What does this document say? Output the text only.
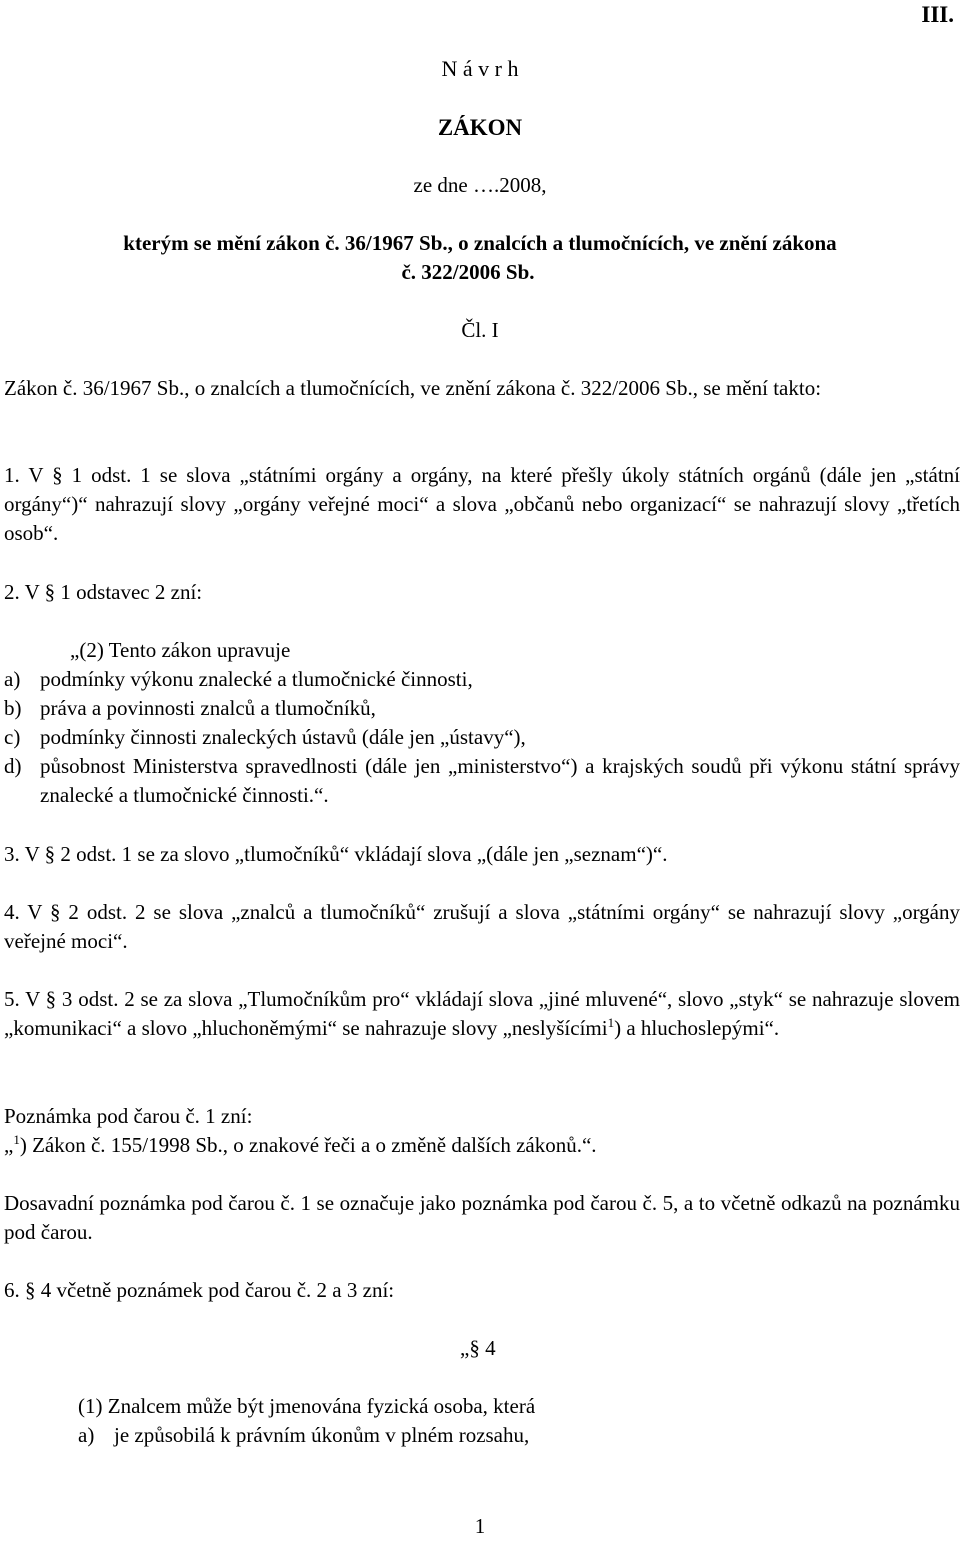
III.
N á v r h
ZÁKON
ze dne ….2008,
kterým se mění zákon č. 36/1967 Sb., o znalcích a tlumočnících, ve znění zákona
č. 322/2006 Sb.
Čl. I
Zákon č. 36/1967 Sb., o znalcích a tlumočnících, ve znění zákona č. 322/2006 Sb., se mění takto:
1. V § 1 odst. 1 se slova „státními orgány a orgány, na které přešly úkoly státních orgánů (dále jen „státní orgány“)“ nahrazují slovy „orgány veřejné moci“ a slova „občanů nebo organizací“ se nahrazují slovy „třetích osob“.
2. V § 1 odstavec 2 zní:
„(2) Tento zákon upravuje
a) podmínky výkonu znalecké a tlumočnické činnosti,
b) práva a povinnosti znalců a tlumočníků,
c) podmínky činnosti znaleckých ústavů (dále jen „ústavy“),
d) působnost Ministerstva spravedlnosti (dále jen „ministerstvo“) a krajských soudů při výkonu státní správy znalecké a tlumočnické činnosti.“.
3. V § 2 odst. 1 se za slovo „tlumočníků“ vkládají slova „(dále jen „seznam“)“.
4. V § 2 odst. 2 se slova „znalců a tlumočníků“ zrušují a slova „státními orgány“ se nahrazují slovy „orgány veřejné moci“.
5. V § 3 odst. 2 se za slova „Tlumočníkům pro“ vkládají slova „jiné mluvené“, slovo „styk“ se nahrazuje slovem „komunikaci“ a slovo „hluchoněmými“ se nahrazuje slovy „neslyšícími$^1$) a hluchoslepými“.
Poznámka pod čarou č. 1 zní:
„$^1$) Zákon č. 155/1998 Sb., o znakové řeči a o změně dalších zákonů.“.
Dosavadní poznámka pod čarou č. 1 se označuje jako poznámka pod čarou č. 5, a to včetně odkazů na poznámku pod čarou.
6. § 4 včetně poznámek pod čarou č. 2 a 3 zní:
„§ 4
(1) Znalcem může být jmenována fyzická osoba, která
a) je způsobilá k právním úkonům v plném rozsahu,
1
